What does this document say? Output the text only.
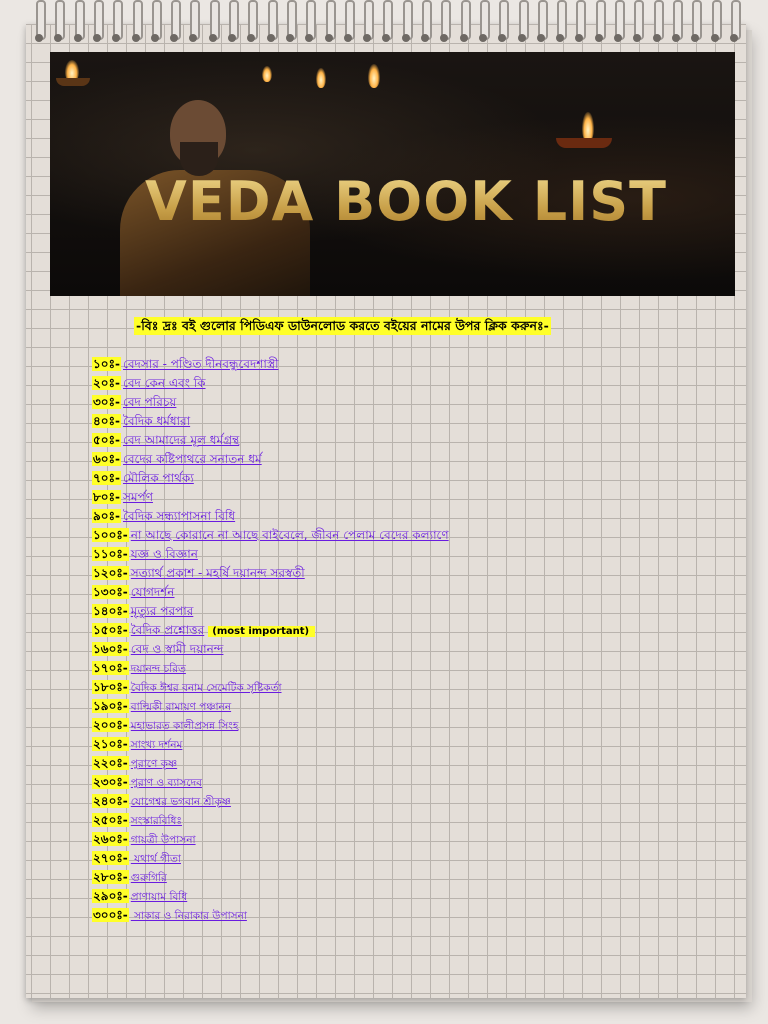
VEDA BOOK LIST
-বিঃ দ্রঃ বই গুলোর পিডিএফ ডাউনলোড করতে বইয়ের নামের উপর ক্লিক করুনঃ-
১০ঃ- বেদসার - পণ্ডিত দীনবন্ধুবেদশাস্ত্রী
২০ঃ- বেদ কেন এবং কি
৩০ঃ- বেদ পরিচয়
৪০ঃ- বৈদিক ধর্মধারা
৫০ঃ- বেদ আমাদের মূল ধর্মগ্রন্থ
৬০ঃ- বেদের কষ্টিপাথরে সনাতন ধর্ম
৭০ঃ- মৌলিক পার্থক্য
৮০ঃ- সমর্পণ
৯০ঃ- বৈদিক সন্ধ্যাপাসনা বিধি
১০০ঃ- না আছে কোরানে না আছে বাইবেলে, জীবন পেলাম বেদের কল্যাণে
১১০ঃ- যজ্ঞ ও বিজ্ঞান
১২০ঃ- সত্যার্থ প্রকাশ - মহর্ষি দয়ানন্দ সরস্বতী
১৩০ঃ- যোগদর্শন
১৪০ঃ- মৃত্যুর পরপার
১৫০ঃ- বৈদিক প্রশ্নোত্তর (most important)
১৬০ঃ- বেদ ও স্বামী দয়ানন্দ
১৭০ঃ- দয়ানন্দ চরিত
১৮০ঃ- বৈদিক ঈশ্বর বনাম সেমেটিক সৃষ্টিকর্তা
১৯০ঃ- বাল্মিকী রামায়ণ পঞ্চানন
২০০ঃ- মহাভারত কালীপ্রসন্ন সিংহ
২১০ঃ- সাংখ্য দর্শনম
২২০ঃ- পুরাণে কৃষ্ণ
২৩০ঃ- পুরাণ ও ব্যাসদেব
২৪০ঃ- যোগেশ্বর ভগবান শ্রীকৃষ্ণ
২৫০ঃ- সংস্কারবিধিঃ
২৬০ঃ- গায়ত্রী উপাসনা
২৭০ঃ- যথার্থ গীতা
২৮০ঃ- গুরুগিরি
২৯০ঃ- প্রাণায়াম বিধি
৩০০ঃ- সাকার ও নিরাকার উপাসনা
